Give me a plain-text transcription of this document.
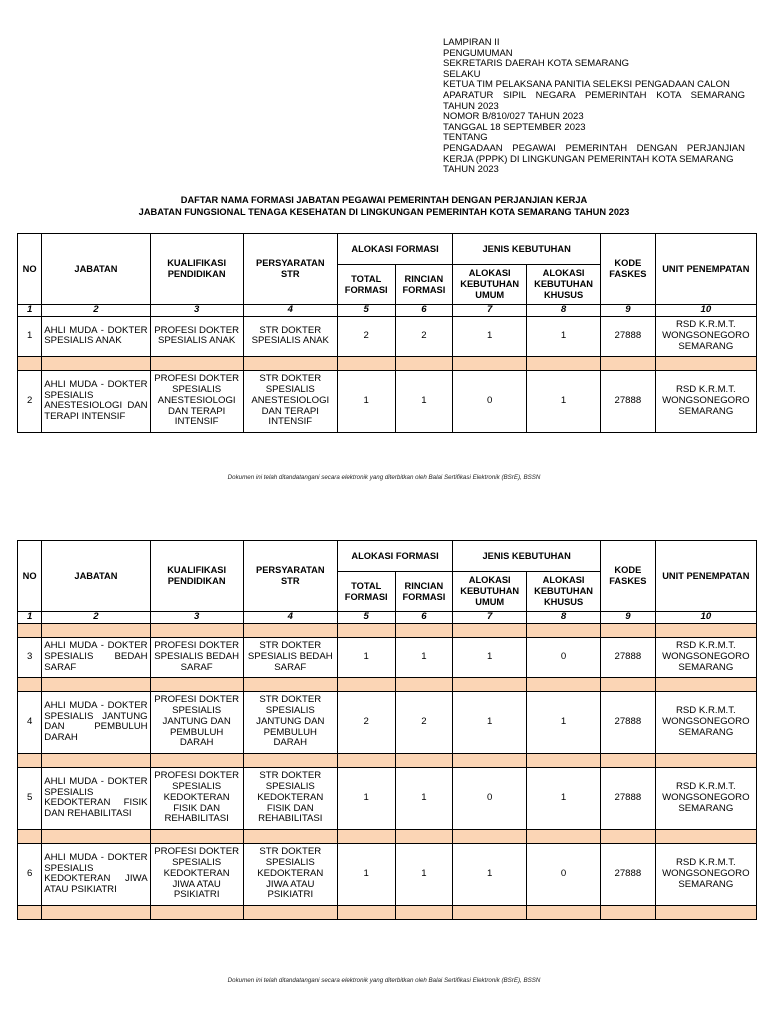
LAMPIRAN II
PENGUMUMAN
SEKRETARIS DAERAH KOTA SEMARANG
SELAKU
KETUA TIM PELAKSANA PANITIA SELEKSI PENGADAAN CALON
APARATUR SIPIL NEGARA PEMERINTAH KOTA SEMARANG
TAHUN 2023
NOMOR B/810/027 TAHUN 2023
TANGGAL 18 SEPTEMBER 2023
TENTANG
PENGADAAN PEGAWAI PEMERINTAH DENGAN PERJANJIAN
KERJA (PPPK) DI LINGKUNGAN PEMERINTAH KOTA SEMARANG
TAHUN 2023
DAFTAR NAMA FORMASI JABATAN PEGAWAI PEMERINTAH DENGAN PERJANJIAN KERJA
JABATAN FUNGSIONAL TENAGA KESEHATAN DI LINGKUNGAN PEMERINTAH KOTA SEMARANG TAHUN 2023
NO	JABATAN	KUALIFIKASI PENDIDIKAN	PERSYARATAN STR	ALOKASI FORMASI		JENIS KEBUTUHAN		KODE FASKES	UNIT PENEMPATAN
				TOTAL FORMASI	RINCIAN FORMASI	ALOKASI KEBUTUHAN UMUM	ALOKASI KEBUTUHAN KHUSUS		
1	2	3	4	5	6	7	8	9	10
1	AHLI MUDA - DOKTER SPESIALIS ANAK	PROFESI DOKTER SPESIALIS ANAK	STR DOKTER SPESIALIS ANAK	2	2	1	1	27888	RSD K.R.M.T. WONGSONEGORO SEMARANG

2	AHLI MUDA - DOKTER SPESIALIS ANESTESIOLOGI DAN TERAPI INTENSIF	PROFESI DOKTER SPESIALIS ANESTESIOLOGI DAN TERAPI INTENSIF	STR DOKTER SPESIALIS ANESTESIOLOGI DAN TERAPI INTENSIF	1	1	0	1	27888	RSD K.R.M.T. WONGSONEGORO SEMARANG
Dokumen ini telah ditandatangani secara elektronik yang diterbitkan oleh Balai Sertifikasi Elektronik (BSrE), BSSN
NO	JABATAN	KUALIFIKASI PENDIDIKAN	PERSYARATAN STR	ALOKASI FORMASI		JENIS KEBUTUHAN		KODE FASKES	UNIT PENEMPATAN
				TOTAL FORMASI	RINCIAN FORMASI	ALOKASI KEBUTUHAN UMUM	ALOKASI KEBUTUHAN KHUSUS		
1	2	3	4	5	6	7	8	9	10

3	AHLI MUDA - DOKTER SPESIALIS BEDAH SARAF	PROFESI DOKTER SPESIALIS BEDAH SARAF	STR DOKTER SPESIALIS BEDAH SARAF	1	1	1	0	27888	RSD K.R.M.T. WONGSONEGORO SEMARANG

4	AHLI MUDA - DOKTER SPESIALIS JANTUNG DAN PEMBULUH DARAH	PROFESI DOKTER SPESIALIS JANTUNG DAN PEMBULUH DARAH	STR DOKTER SPESIALIS JANTUNG DAN PEMBULUH DARAH	2	2	1	1	27888	RSD K.R.M.T. WONGSONEGORO SEMARANG

5	AHLI MUDA - DOKTER SPESIALIS KEDOKTERAN FISIK DAN REHABILITASI	PROFESI DOKTER SPESIALIS KEDOKTERAN FISIK DAN REHABILITASI	STR DOKTER SPESIALIS KEDOKTERAN FISIK DAN REHABILITASI	1	1	0	1	27888	RSD K.R.M.T. WONGSONEGORO SEMARANG

6	AHLI MUDA - DOKTER SPESIALIS KEDOKTERAN JIWA ATAU PSIKIATRI	PROFESI DOKTER SPESIALIS KEDOKTERAN JIWA ATAU PSIKIATRI	STR DOKTER SPESIALIS KEDOKTERAN JIWA ATAU PSIKIATRI	1	1	1	0	27888	RSD K.R.M.T. WONGSONEGORO SEMARANG

Dokumen ini telah ditandatangani secara elektronik yang diterbitkan oleh Balai Sertifikasi Elektronik (BSrE), BSSN
